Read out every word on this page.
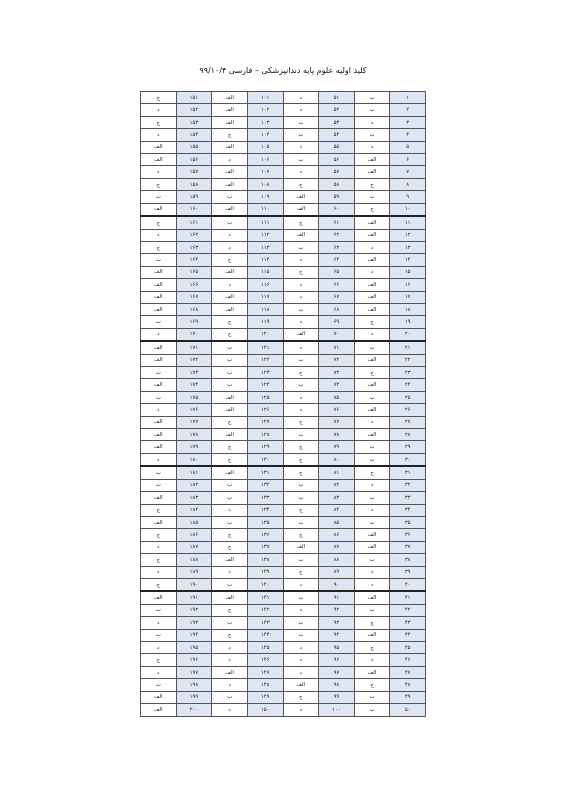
کلید اولیه علوم پایه دندانپزشکی – فارسی ۹۹/۱۰/۴
۱	ب	۵۱	د	۱۰۱	الف	۱۵۱	ج
۲	ب	۵۲	د	۱۰۲	الف	۱۵۲	د
۳	د	۵۳	ب	۱۰۳	الف	۱۵۳	ج
۴	ب	۵۴	ب	۱۰۴	ج	۱۵۴	د
۵	د	۵۵	د	۱۰۵	الف	۱۵۵	الف
۶	الف	۵۶	ب	۱۰۶	د	۱۵۶	الف
۷	الف	۵۷	د	۱۰۷	الف	۱۵۷	د
۸	ج	۵۸	ج	۱۰۸	الف	۱۵۸	ج
۹	ب	۵۹	الف	۱۰۹	ب	۱۵۹	ب
۱۰	ج	۶۰	الف	۱۱۰	الف	۱۶۰	الف
۱۱	الف	۶۱	ج	۱۱۱	ب	۱۶۱	ج
۱۲	الف	۶۲	الف	۱۱۲	د	۱۶۲	د
۱۳	د	۶۳	ب	۱۱۳	د	۱۶۳	ج
۱۴	الف	۶۴	د	۱۱۴	ج	۱۶۴	ب
۱۵	د	۶۵	ج	۱۱۵	الف	۱۶۵	الف
۱۶	الف	۶۶	د	۱۱۶	د	۱۶۶	الف
۱۷	الف	۶۷	د	۱۱۷	الف	۱۶۷	الف
۱۸	الف	۶۸	ب	۱۱۸	الف	۱۶۸	الف
۱۹	ج	۶۹	د	۱۱۹	ج	۱۶۹	ب
۲۰	د	۷۰	الف	۱۲۰	ج	۱۷۰	د
۲۱	ب	۷۱	د	۱۲۱	ب	۱۷۱	الف
۲۲	الف	۷۲	ب	۱۲۲	ب	۱۷۲	الف
۲۳	ج	۷۳	ج	۱۲۳	ب	۱۷۳	ب
۲۴	الف	۷۴	ب	۱۲۴	ب	۱۷۴	الف
۲۵	ب	۷۵	د	۱۲۵	الف	۱۷۵	ب
۲۶	الف	۷۶	د	۱۲۶	الف	۱۷۶	د
۲۷	د	۷۷	ج	۱۲۷	ج	۱۷۷	الف
۲۸	الف	۷۸	ب	۱۲۸	الف	۱۷۸	الف
۲۹	ب	۷۹	ج	۱۲۹	ج	۱۷۹	الف
۳۰	ب	۸۰	ج	۱۳۰	ج	۱۸۰	د
۳۱	ج	۸۱	ج	۱۳۱	الف	۱۸۱	ب
۳۲	د	۸۲	ب	۱۳۲	ب	۱۸۲	ب
۳۳	ب	۸۳	ب	۱۳۳	ب	۱۸۳	الف
۳۴	د	۸۴	ج	۱۳۴	د	۱۸۴	ج
۳۵	ب	۸۵	ب	۱۳۵	ب	۱۸۵	الف
۳۶	الف	۸۶	ج	۱۳۶	ج	۱۸۶	ج
۳۷	الف	۸۷	الف	۱۳۷	ج	۱۸۷	د
۳۸	ب	۸۸	ب	۱۳۸	الف	۱۸۸	ج
۳۹	د	۸۹	ج	۱۳۹	د	۱۸۹	د
۴۰	د	۹۰	د	۱۴۰	ب	۱۹۰	ج
۴۱	الف	۹۱	ب	۱۴۱	الف	۱۹۱	الف
۴۲	ب	۹۲	د	۱۴۲	ج	۱۹۲	ب
۴۳	ج	۹۳	ب	۱۴۳	ب	۱۹۳	د
۴۴	الف	۹۴	ب	۱۴۴	ج	۱۹۴	ب
۴۵	ج	۹۵	د	۱۴۵	د	۱۹۵	د
۴۶	د	۹۶	د	۱۴۶	د	۱۹۶	ج
۴۷	الف	۹۷	د	۱۴۷	الف	۱۹۷	د
۴۸	ج	۹۸	الف	۱۴۸	د	۱۹۸	ب
۴۹	ب	۹۹	ج	۱۴۹	ب	۱۹۹	الف
۵۰	ب	۱۰۰	د	۱۵۰	د	۲۰۰	الف
